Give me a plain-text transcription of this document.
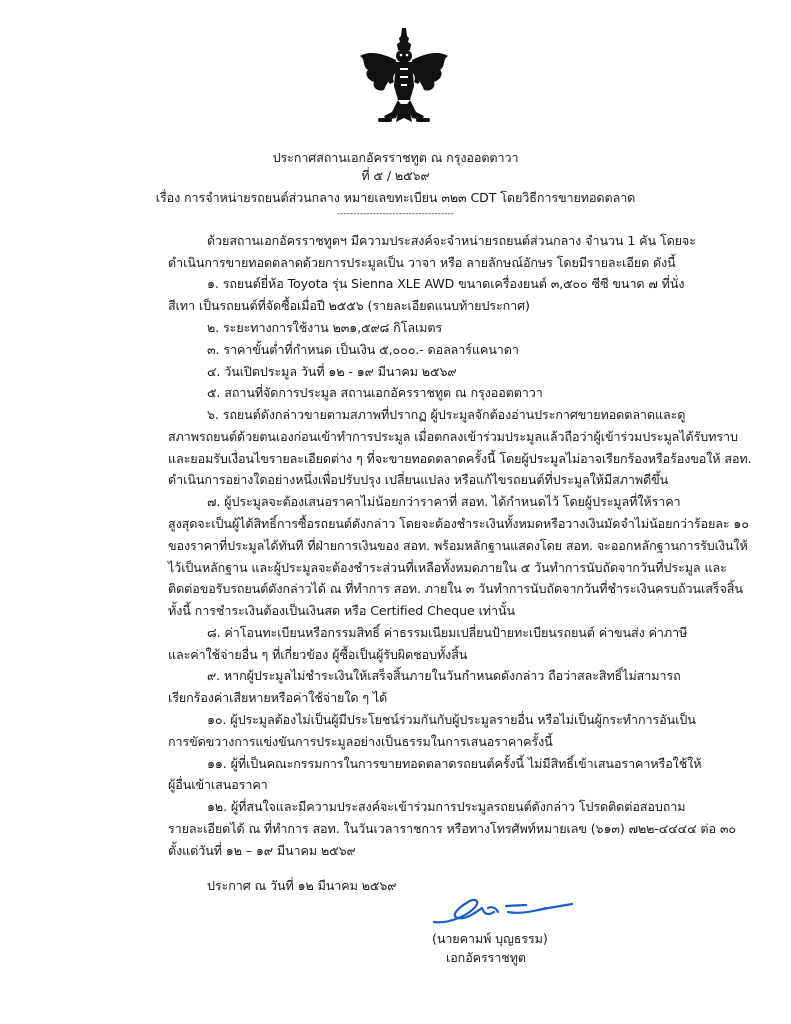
ประกาศสถานเอกอัครราชทูต ณ กรุงออตตาวา
ที่ ๕ / ๒๕๖๙
เรื่อง การจำหน่ายรถยนต์ส่วนกลาง หมายเลขทะเบียน ๓๒๓ CDT โดยวิธีการขายทอดตลาด
------------------------------------
ด้วยสถานเอกอัครราชทูตฯ มีความประสงค์จะจำหน่ายรถยนต์ส่วนกลาง จำนวน 1 คัน โดยจะ
ดำเนินการขายทอดตลาดด้วยการประมูลเป็น วาจา หรือ ลายลักษณ์อักษร โดยมีรายละเอียด ดังนี้
๑. รถยนต์ยี่ห้อ Toyota รุ่น Sienna XLE AWD ขนาดเครื่องยนต์ ๓,๕๐๐ ซีซี ขนาด ๗ ที่นั่ง
สีเทา เป็นรถยนต์ที่จัดซื้อเมื่อปี ๒๕๕๖ (รายละเอียดแนบท้ายประกาศ)
๒. ระยะทางการใช้งาน ๒๓๑,๕๙๘ กิโลเมตร
๓. ราคาขั้นต่ำที่กำหนด เป็นเงิน ๕,๐๐๐.- ดอลลาร์แคนาดา
๔. วันเปิดประมูล วันที่ ๑๒ - ๑๙ มีนาคม ๒๕๖๙
๕. สถานที่จัดการประมูล สถานเอกอัครราชทูต ณ กรุงออตตาวา
๖. รถยนต์ดังกล่าวขายตามสภาพที่ปรากฏ ผู้ประมูลจักต้องอ่านประกาศขายทอดตลาดและดู
สภาพรถยนต์ด้วยตนเองก่อนเข้าทำการประมูล เมื่อตกลงเข้าร่วมประมูลแล้วถือว่าผู้เข้าร่วมประมูลได้รับทราบ
และยอมรับเงื่อนไขรายละเอียดต่าง ๆ ที่จะขายทอดตลาดครั้งนี้ โดยผู้ประมูลไม่อาจเรียกร้องหรือร้องขอให้ สอท.
ดำเนินการอย่างใดอย่างหนึ่งเพื่อปรับปรุง เปลี่ยนแปลง หรือแก้ไขรถยนต์ที่ประมูลให้มีสภาพดีขึ้น
๗. ผู้ประมูลจะต้องเสนอราคาไม่น้อยกว่าราคาที่ สอท. ได้กำหนดไว้ โดยผู้ประมูลที่ให้ราคา
สูงสุดจะเป็นผู้ได้สิทธิ์การซื้อรถยนต์ดังกล่าว โดยจะต้องชำระเงินทั้งหมดหรือวางเงินมัดจำไม่น้อยกว่าร้อยละ ๑๐
ของราคาที่ประมูลได้ทันที ที่ฝ่ายการเงินของ สอท. พร้อมหลักฐานแสดงโดย สอท. จะออกหลักฐานการรับเงินให้
ไว้เป็นหลักฐาน และผู้ประมูลจะต้องชำระส่วนที่เหลือทั้งหมดภายใน ๕ วันทำการนับถัดจากวันที่ประมูล และ
ติดต่อขอรับรถยนต์ดังกล่าวได้ ณ ที่ทำการ สอท. ภายใน ๓ วันทำการนับถัดจากวันที่ชำระเงินครบถ้วนเสร็จสิ้น
ทั้งนี้ การชำระเงินต้องเป็นเงินสด หรือ Certified Cheque เท่านั้น
๘. ค่าโอนทะเบียนหรือกรรมสิทธิ์ ค่าธรรมเนียมเปลี่ยนป้ายทะเบียนรถยนต์ ค่าขนส่ง ค่าภาษี
และค่าใช้จ่ายอื่น ๆ ที่เกี่ยวข้อง ผู้ซื้อเป็นผู้รับผิดชอบทั้งสิ้น
๙. หากผู้ประมูลไม่ชำระเงินให้เสร็จสิ้นภายในวันกำหนดดังกล่าว ถือว่าสละสิทธิ์ไม่สามารถ
เรียกร้องค่าเสียหายหรือค่าใช้จ่ายใด ๆ ได้
๑๐. ผู้ประมูลต้องไม่เป็นผู้มีประโยชน์ร่วมกันกับผู้ประมูลรายอื่น หรือไม่เป็นผู้กระทำการอันเป็น
การขัดขวางการแข่งขันการประมูลอย่างเป็นธรรมในการเสนอราคาครั้งนี้
๑๑. ผู้ที่เป็นคณะกรรมการในการขายทอดตลาดรถยนต์ครั้งนี้ ไม่มีสิทธิ์เข้าเสนอราคาหรือใช้ให้
ผู้อื่นเข้าเสนอราคา
๑๒. ผู้ที่สนใจและมีความประสงค์จะเข้าร่วมการประมูลรถยนต์ดังกล่าว โปรดติดต่อสอบถาม
รายละเอียดได้ ณ ที่ทำการ สอท. ในวันเวลาราชการ หรือทางโทรศัพท์หมายเลข (๖๑๓) ๗๒๒-๔๔๔๔ ต่อ ๓๐
ตั้งแต่วันที่ ๑๒ – ๑๙ มีนาคม ๒๕๖๙
ประกาศ ณ วันที่ ๑๒ มีนาคม ๒๕๖๙
(นายคามพ์ บุญธรรม)
เอกอัครราชทูต
